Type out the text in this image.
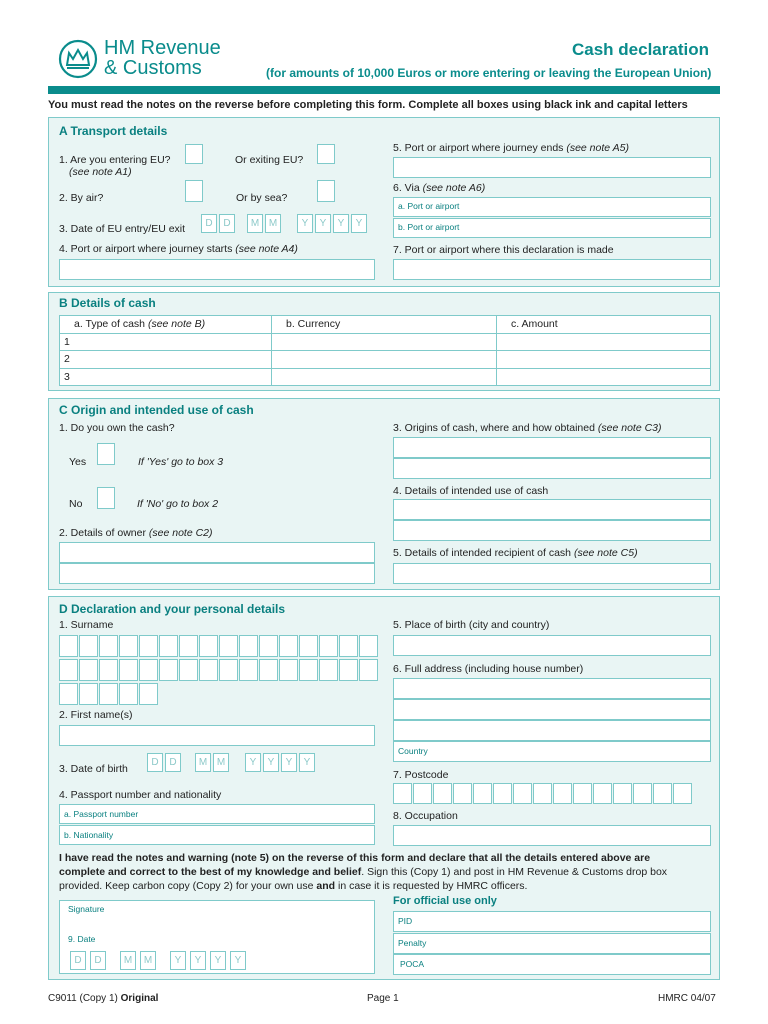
HM Revenue
& Customs
Cash declaration
(for amounts of 10,000 Euros or more entering or leaving the European Union)
You must read the notes on the reverse before completing this form. Complete all boxes using black ink and capital letters
A Transport details
1. Are you entering EU?
(see note A1)
Or exiting EU?
2. By air?	Or by sea?
3. Date of EU entry/EU exit	D	D	M M	Y	Y	Y	Y
4. Port or airport where journey starts (see note A4)
5. Port or airport where journey ends (see note A5)
6. Via (see note A6)
a. Port or airport
b. Port or airport
7. Port or airport where this declaration is made
B Details of cash
a. Type of cash (see note B)	b. Currency	c. Amount
1		
2		
3		
C Origin and intended use of cash
1. Do you own the cash?
Yes	If 'Yes' go to box 3
No	If 'No' go to box 2
2. Details of owner (see note C2)
3. Origins of cash, where and how obtained (see note C3)
4. Details of intended use of cash
5. Details of intended recipient of cash (see note C5)
D Declaration and your personal details
1. Surname
2. First name(s)
3. Date of birth
D	D	M M	Y	Y	Y	Y
4. Passport number and nationality
a. Passport number
b. Nationality
5. Place of birth (city and country)
6. Full address (including house number)
Country
7. Postcode
8. Occupation
I have read the notes and warning (note 5) on the reverse of this form and declare that all the details entered above are
complete and correct to the best of my knowledge and belief. Sign this (Copy 1) and post in HM Revenue & Customs drop box
provided. Keep carbon copy (Copy 2) for your own use and in case it is requested by HMRC officers.
Signature
9. Date
D	D	M	M	Y	Y	Y	Y
For official use only
PID
Penalty
POCA
C9011 (Copy 1) Original	Page 1	HMRC 04/07
